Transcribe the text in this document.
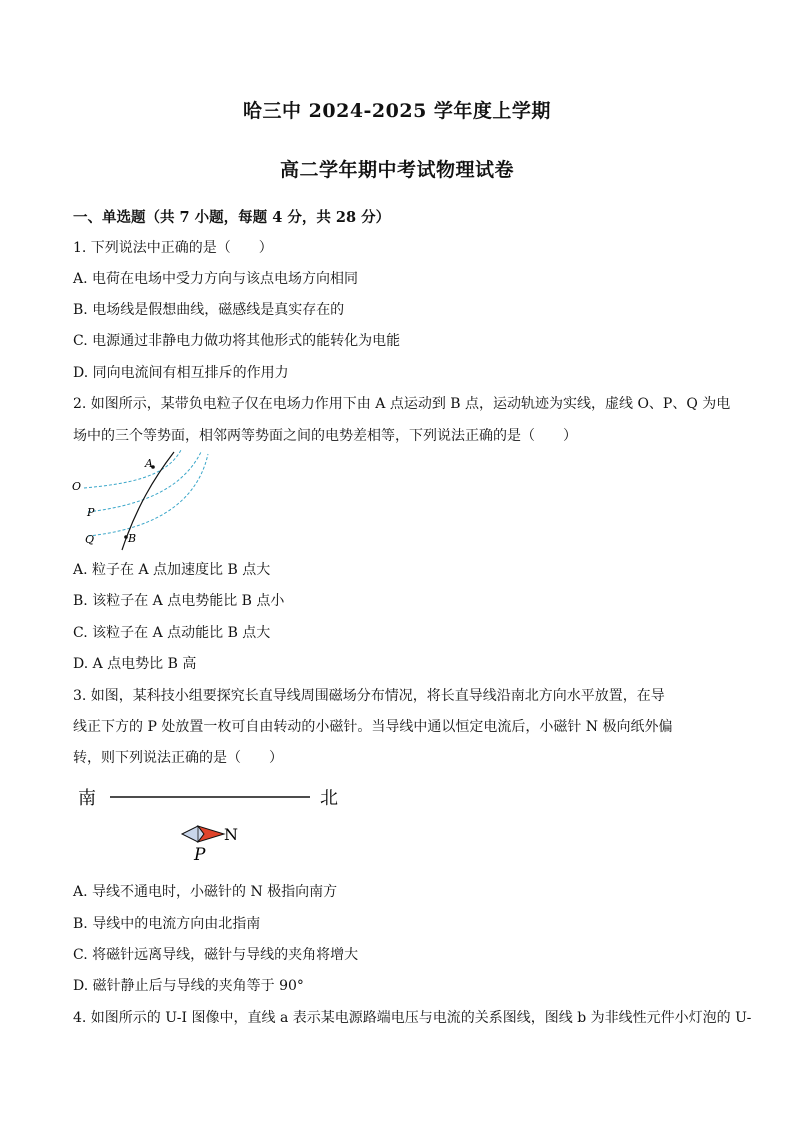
哈三中 2024-2025 学年度上学期
高二学年期中考试物理试卷
一、单选题（共 7 小题，每题 4 分，共 28 分）
1. 下列说法中正确的是（　　）
A. 电荷在电场中受力方向与该点电场方向相同
B. 电场线是假想曲线，磁感线是真实存在的
C. 电源通过非静电力做功将其他形式的能转化为电能
D. 同向电流间有相互排斥的作用力
2. 如图所示，某带负电粒子仅在电场力作用下由 A 点运动到 B 点，运动轨迹为实线，虚线 O、P、Q 为电
场中的三个等势面，相邻两等势面之间的电势差相等，下列说法正确的是（　　）
A
B
O
P
Q
A. 粒子在 A 点加速度比 B 点大
B. 该粒子在 A 点电势能比 B 点小
C. 该粒子在 A 点动能比 B 点大
D. A 点电势比 B 高
3. 如图，某科技小组要探究长直导线周围磁场分布情况，将长直导线沿南北方向水平放置，在导
线正下方的 P 处放置一枚可自由转动的小磁针。当导线中通以恒定电流后，小磁针 N 极向纸外偏
转，则下列说法正确的是（　　）
南	北
N
P
A. 导线不通电时，小磁针的 N 极指向南方
B. 导线中的电流方向由北指南
C. 将磁针远离导线，磁针与导线的夹角将增大
D. 磁针静止后与导线的夹角等于 90°
4. 如图所示的 U-I 图像中，直线 a 表示某电源路端电压与电流的关系图线，图线 b 为非线性元件小灯泡的 U-
